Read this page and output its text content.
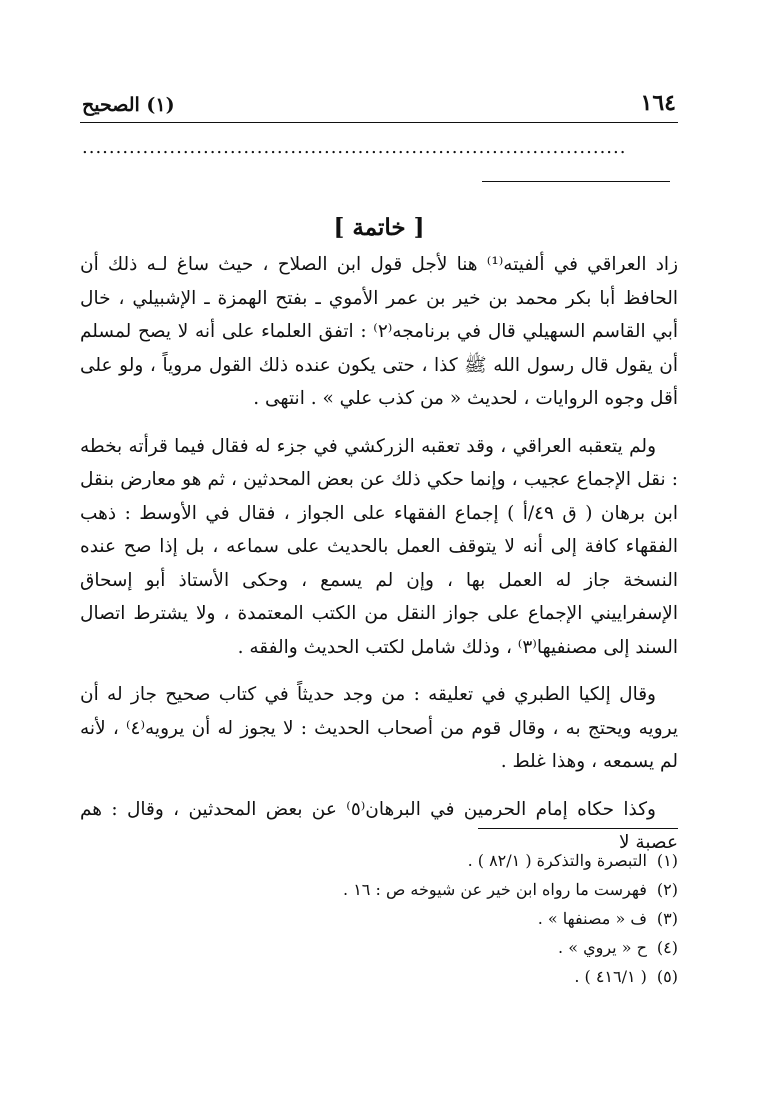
١٦٤
(١) الصحيح
.................................................................................
[ خاتمة ]

زاد العراقي في ألفيته⁽¹⁾ هنا لأجل قول ابن الصلاح ، حيث ساغ لـه ذلك أن الحافظ أبا بكر محمد بن خير بن عمر الأموي ـ بفتح الهمزة ـ الإشبيلي ، خال أبي القاسم السهيلي قال في برنامجه⁽٢⁾ : اتفق العلماء على أنه لا يصح لمسلم أن يقول قال رسول الله ﷺ كذا ، حتى يكون عنده ذلك القول مروياً ، ولو على أقل وجوه الروايات ، لحديث « من كذب علي » . انتهى .

ولم يتعقبه العراقي ، وقد تعقبه الزركشي في جزء له فقال فيما قرأته بخطه : نقل الإجماع عجيب ، وإنما حكي ذلك عن بعض المحدثين ، ثم هو معارض بنقل ابن برهان ( ق ٤٩/أ ) إجماع الفقهاء على الجواز ، فقال في الأوسط : ذهب الفقهاء كافة إلى أنه لا يتوقف العمل بالحديث على سماعه ، بل إذا صح عنده النسخة جاز له العمل بها ، وإن لم يسمع ، وحكى الأستاذ أبو إسحاق الإسفراييني الإجماع على جواز النقل من الكتب المعتمدة ، ولا يشترط اتصال السند إلى مصنفيها⁽٣⁾ ، وذلك شامل لكتب الحديث والفقه .

وقال إلكيا الطبري في تعليقه : من وجد حديثاً في كتاب صحيح جاز له أن يرويه ويحتج به ، وقال قوم من أصحاب الحديث : لا يجوز له أن يرويه⁽٤⁾ ، لأنه لم يسمعه ، وهذا غلط .

وكذا حكاه إمام الحرمين في البرهان⁽٥⁾ عن بعض المحدثين ، وقال : هم عصبة لا

(١)
التبصرة والتذكرة ( ٨٢/١ ) .
(٢)
فهرست ما رواه ابن خير عن شيوخه ص : ١٦ .
(٣)
ف « مصنفها » .
(٤)
ح « يروي » .
(٥)
( ٤١٦/١ ) .
